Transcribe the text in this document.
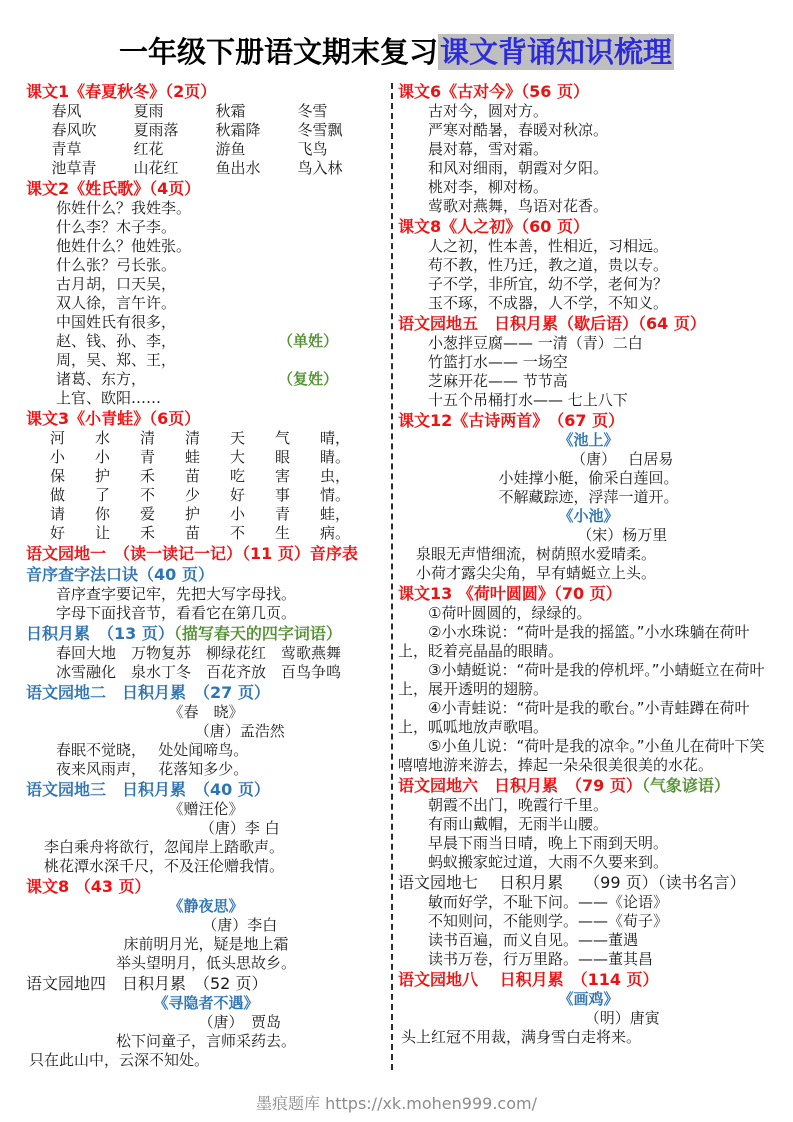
一年级下册语文期末复习课文背诵知识梳理
课文1《春夏秋冬》（2页）
春风	夏雨	秋霜	冬雪
春风吹	夏雨落	秋霜降	冬雪飘
青草	红花	游鱼	飞鸟
池草青	山花红	鱼出水	鸟入林
课文2《姓氏歌》（4页）
你姓什么？我姓李。
什么李？木子李。
他姓什么？他姓张。
什么张？弓长张。
古月胡，口天吴，
双人徐，言午许。
中国姓氏有很多，
赵、钱、孙、李，	（单姓）
周，吴、郑、王，
诸葛、东方，	（复姓）
上官、欧阳……
课文3《小青蛙》（6页）
河	水	清	清	天	气	晴，
小	小	青	蛙	大	眼	睛。
保	护	禾	苗	吃	害	虫，
做	了	不	少	好	事	情。
请	你	爱	护	小	青	蛙，
好	让	禾	苗	不	生	病。
语文园地一　（读一读记一记）（11 页）音序表
音序查字法口诀（40 页）
音序查字要记牢，先把大写字母找。
字母下面找音节，看看它在第几页。
日积月累　（13 页）（描写春天的四字词语）
春回大地　万物复苏　柳绿花红　莺歌燕舞
冰雪融化　泉水丁冬　百花齐放　百鸟争鸣
语文园地二　日积月累　（27 页）
《春　晓》
（唐）孟浩然
春眠不觉晓，　 处处闻啼鸟。
夜来风雨声，　 花落知多少。
语文园地三　日积月累　（40 页）
《赠汪伦》
（唐）李 白
　李白乘舟将欲行，忽闻岸上踏歌声。
　桃花潭水深千尺，不及汪伦赠我情。
课文8 （43 页）
《静夜思》
（唐）李白
床前明月光，疑是地上霜
举头望明月，低头思故乡。
语文园地四　日积月累　（52 页）
《寻隐者不遇》
（唐）　贾岛
松下问童子，言师采药去。
只在此山中，云深不知处。
课文6《古对今》（56 页）
古对今，圆对方。
严寒对酷暑，春暖对秋凉。
晨对幕，雪对霜。
和风对细雨，朝霞对夕阳。
桃对李，柳对杨。
莺歌对燕舞，鸟语对花香。
课文8《人之初》（60 页）
人之初，性本善，性相近，习相远。
苟不教，性乃迁，教之道，贵以专。
子不学，非所宜，幼不学，老何为？
玉不琢，不成器，人不学，不知义。
语文园地五　日积月累（歇后语）（64 页）
小葱拌豆腐—— 一清（青）二白
竹篮打水—— 一场空
芝麻开花—— 节节高
十五个吊桶打水—— 七上八下
课文12《古诗两首》　（67 页）
《池上》
（唐）　 白居易
小娃撑小艇，偷采白莲回。
不解藏踪迹，浮萍一道开。
《小池》
（宋）杨万里
　泉眼无声惜细流，树荫照水爱晴柔。
　小荷才露尖尖角，早有蜻蜓立上头。
课文13 《荷叶圆圆》（70 页）
①荷叶圆圆的，绿绿的。
②小水珠说：“荷叶是我的摇篮。”小水珠躺在荷叶上，眨着亮晶晶的眼睛。
③小蜻蜓说：“荷叶是我的停机坪。”小蜻蜓立在荷叶上，展开透明的翅膀。
④小青蛙说：“荷叶是我的歌台。”小青蛙蹲在荷叶上，呱呱地放声歌唱。
⑤小鱼儿说：“荷叶是我的凉伞。”小鱼儿在荷叶下笑嘻嘻地游来游去，捧起一朵朵很美很美的水花。
语文园地六　日积月累　（79 页）（气象谚语）
朝霞不出门，晚霞行千里。
有雨山戴帽，无雨半山腰。
早晨下雨当日晴，晚上下雨到天明。
蚂蚁搬家蛇过道，大雨不久要来到。
语文园地七　 日积月累　 （99 页）（读书名言）
敏而好学，不耻下问。——《论语》
不知则问，不能则学。——《荀子》
读书百遍，而义自见。——董遇
读书万卷，行万里路。——董其昌
语文园地八　 日积月累　（114 页）
《画鸡》
（明）唐寅
头上红冠不用裁，满身雪白走将来。
墨痕题库 https://xk.mohen999.com/
